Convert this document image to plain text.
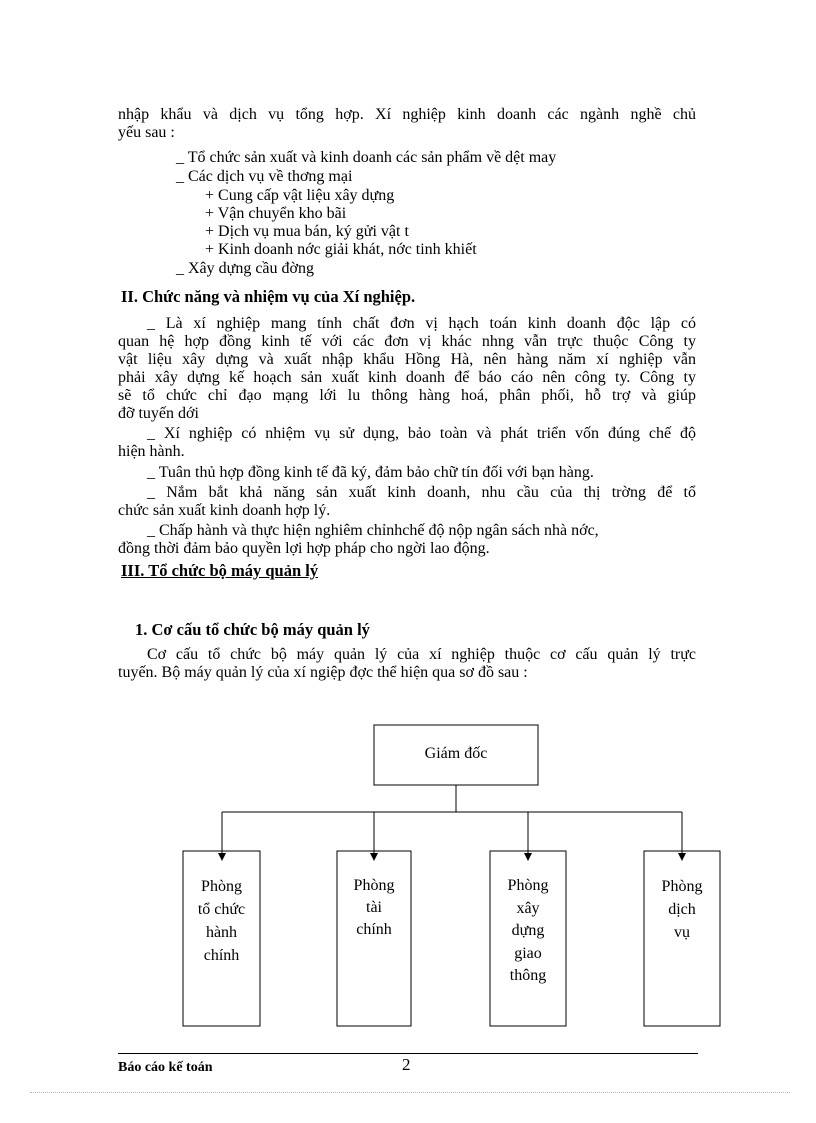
nhập khẩu và dịch vụ tổng hợp. Xí nghiệp kinh doanh các ngành nghề chủ
yếu sau :
_ Tổ chức sản xuất và kinh doanh các sản phẩm về dệt may
_ Các dịch vụ về thơng mại
+ Cung cấp vật liệu xây dựng
+ Vận chuyển kho bãi
+ Dịch vụ mua bán, ký gửi vật t
+ Kinh doanh nớc giải khát, nớc tinh khiết
_ Xây dựng cầu đờng
II. Chức năng và nhiệm vụ của Xí nghiệp.
_ Là xí nghiệp mang tính chất đơn vị hạch toán kinh doanh độc lập có
quan hệ hợp đồng kinh tế với các đơn vị khác nhng vẫn trực thuộc Công ty
vật liệu xây dựng và xuất nhập khẩu Hồng Hà, nên hàng năm xí nghiệp vẫn
phải xây dựng kế hoạch sản xuất kinh doanh để báo cáo nên công ty. Công ty
sẽ tổ chức chỉ đạo mạng lới lu thông hàng hoá, phân phối, hỗ trợ và giúp
đỡ tuyến dới
_ Xí nghiệp có nhiệm vụ sử dụng, bảo toàn và phát triển vốn đúng chế độ
hiện hành.
_ Tuân thủ hợp đồng kinh tế đã ký, đảm bảo chữ tín đối với bạn hàng.
_ Nắm bắt khả năng sản xuất kinh doanh, nhu cầu của thị trờng để tổ
chức sản xuất kinh doanh hợp lý.
_ Chấp hành và thực hiện nghiêm chỉnhchế độ nộp ngân sách nhà nớc,
đồng thời đảm bảo quyền lợi hợp pháp cho ngời lao động.
III. Tổ chức bộ máy quản lý
1. Cơ cấu tổ chức bộ máy quản lý
Cơ cấu tổ chức bộ máy quản lý của xí nghiệp thuộc cơ cấu quản lý trực
tuyến. Bộ máy quản lý của xí ngiệp đợc thể hiện qua sơ đồ sau :
Giám đốc
Phòng
tổ chức
hành
chính
Phòng
tài
chính
Phòng
xây
dựng
giao
thông
Phòng
dịch
vụ
Báo cáo kế toán	2
